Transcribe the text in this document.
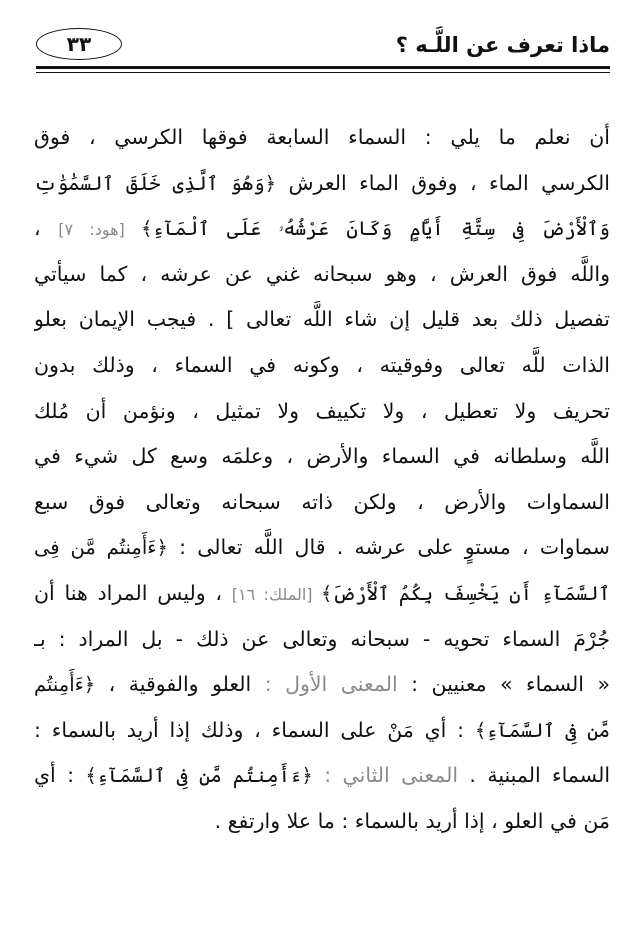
ماذا تعرف عن اللَّـه ؟
٣٣
أن نعلم ما يلي : السماء السابعة فوقها الكرسي ، فوق
الكرسي الماء ، وفوق الماء العرش ﴿وَهُوَ ٱلَّذِى خَلَقَ ٱلسَّمَٰوَٰتِ
وَٱلْأَرْضَ فِى سِتَّةِ أَيَّامٍ وَكَانَ عَرْشُهُۥ عَلَى ٱلْمَآءِ﴾ [هود: ٧] ،
واللَّه فوق العرش ، وهو سبحانه غني عن عرشه ، كما سيأتي
تفصيل ذلك بعد قليل إن شاء اللَّه تعالى ] . فيجب الإيمان بعلو
الذات للَّه تعالى وفوقيته ، وكونه في السماء ، وذلك بدون
تحريف ولا تعطيل ، ولا تكييف ولا تمثيل ، ونؤمن أن مُلك
اللَّه وسلطانه في السماء والأرض ، وعلمَه وسع كل شيء في
السماوات والأرض ، ولكن ذاته سبحانه وتعالى فوق سبع
سماوات ، مستوٍ على عرشه . قال اللَّه تعالى : ﴿ءَأَمِنتُم مَّن فِى
ٱلسَّمَآءِ أَن يَخْسِفَ بِكُمُ ٱلْأَرْضَ﴾ [الملك: ١٦] ، وليس المراد هنا أن
جُرْمَ السماء تحويه - سبحانه وتعالى عن ذلك - بل المراد : بـ
« السماء » معنيين : المعنى الأول : العلو والفوقية ، ﴿ءَأَمِنتُم
مَّن فِى ٱلسَّمَآءِ﴾ : أي مَنْ على السماء ، وذلك إذا أريد بالسماء :
السماء المبنية . المعنى الثاني : ﴿ءَأَمِنتُم مَّن فِى ٱلسَّمَآءِ﴾ : أي
مَن في العلو ، إذا أريد بالسماء : ما علا وارتفع .
